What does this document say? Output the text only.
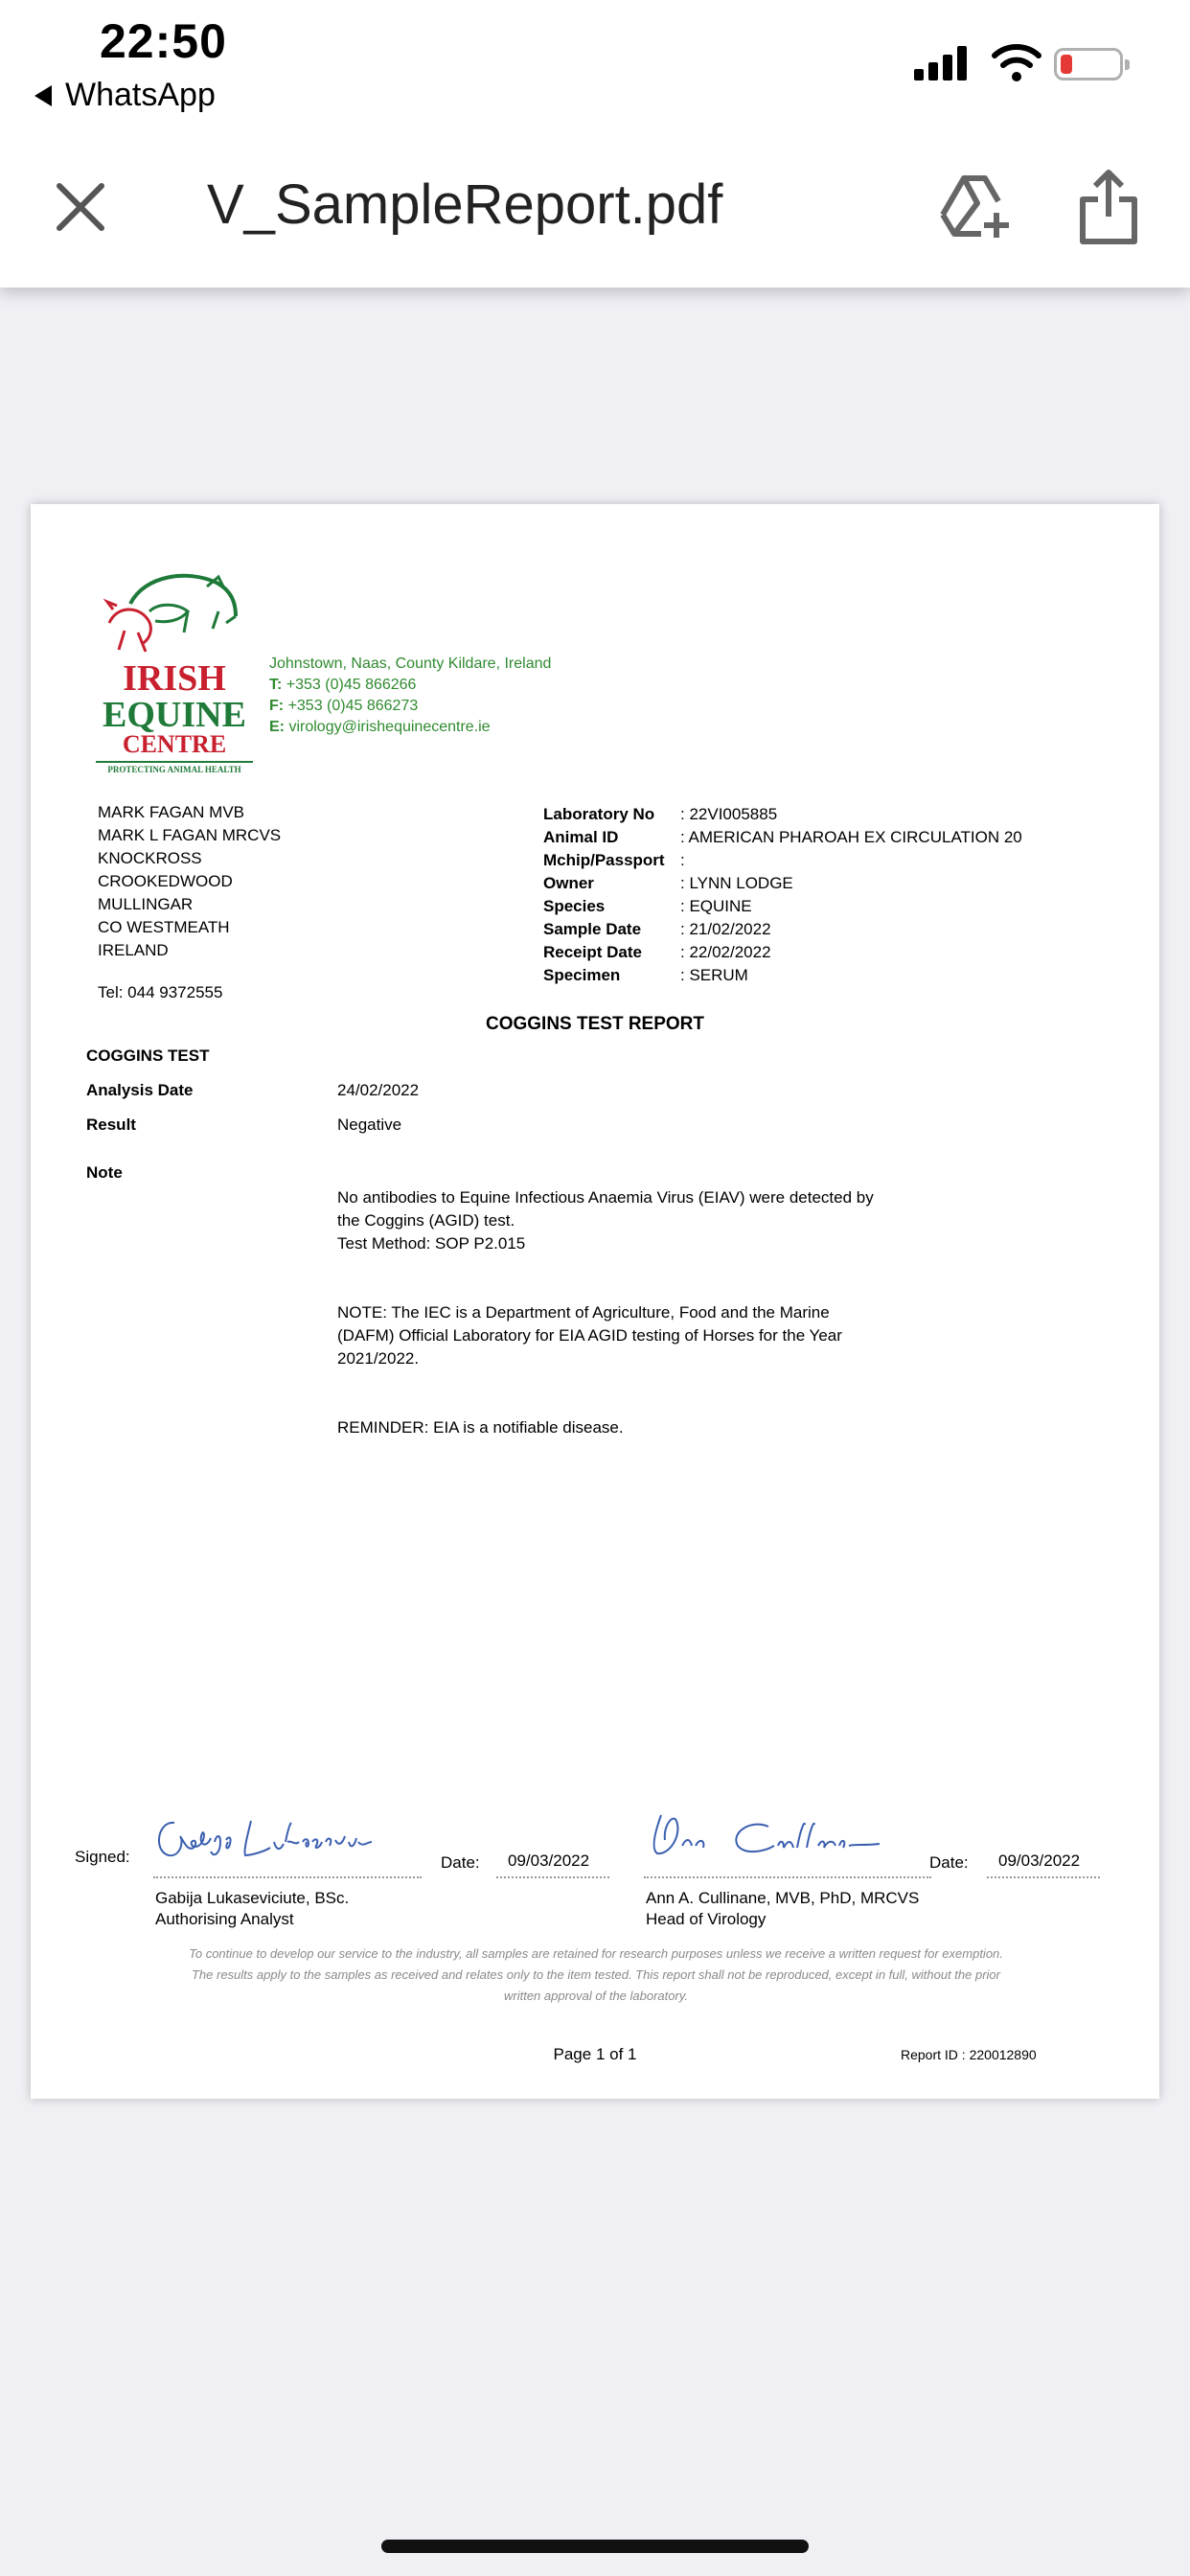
22:50
WhatsApp
V_SampleReport.pdf
IRISH
EQUINE
CENTRE
PROTECTING ANIMAL HEALTH
Johnstown, Naas, County Kildare, Ireland
T: +353 (0)45 866266
F: +353 (0)45 866273
E: virology@irishequinecentre.ie
MARK FAGAN MVB
MARK L FAGAN MRCVS
KNOCKROSS
CROOKEDWOOD
MULLINGAR
CO WESTMEATH
IRELAND
Tel: 044 9372555
Laboratory No	: 22VI005885
Animal ID	: AMERICAN PHAROAH EX CIRCULATION 20
Mchip/Passport :
Owner	: LYNN LODGE
Species	: EQUINE
Sample Date	: 21/02/2022
Receipt Date	: 22/02/2022
Specimen	: SERUM
COGGINS TEST REPORT
COGGINS TEST
Analysis Date	24/02/2022
Result	Negative
Note

No antibodies to Equine Infectious Anaemia Virus (EIAV) were detected by
the Coggins (AGID) test.
Test Method: SOP P2.015

NOTE: The IEC is a Department of Agriculture, Food and the Marine
(DAFM) Official Laboratory for EIA AGID testing of Horses for the Year
2021/2022.

REMINDER: EIA is a notifiable disease.

Signed:	Date: 09/03/2022	Date: 09/03/2022
Gabija Lukaseviciute, BSc.
Authorising Analyst
Ann A. Cullinane, MVB, PhD, MRCVS
Head of Virology
To continue to develop our service to the industry, all samples are retained for research purposes unless we receive a written request for exemption.
The results apply to the samples as received and relates only to the item tested. This report shall not be reproduced, except in full, without the prior
written approval of the laboratory.
Page 1 of 1	Report ID : 220012890
